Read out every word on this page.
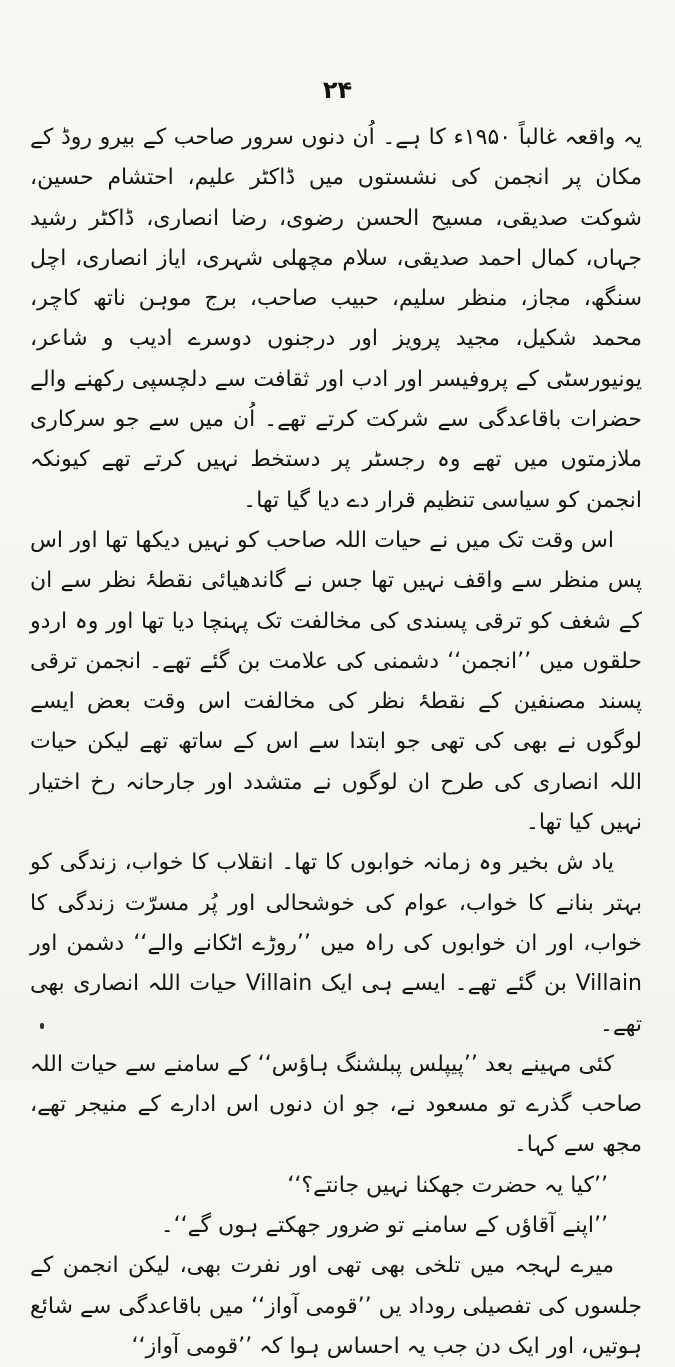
۲۴

یہ واقعہ غالباً ۱۹۵۰ء کا ہے۔ اُن دنوں سرور صاحب کے بیرو روڈ کے مکان پر انجمن کی نشستوں میں ڈاکٹر علیم، احتشام حسین، شوکت صدیقی، مسیح الحسن رضوی، رضا انصاری، ڈاکٹر رشید جہاں، کمال احمد صدیقی، سلام مچھلی شہری، ایاز انصاری، اچل سنگھ، مجاز، منظر سلیم، حبیب صاحب، برج موہن ناتھ کاچر، محمد شکیل، مجید پرویز اور درجنوں دوسرے ادیب و شاعر، یونیورسٹی کے پروفیسر اور ادب اور ثقافت سے دلچسپی رکھنے والے حضرات باقاعدگی سے شرکت کرتے تھے۔ اُن میں سے جو سرکاری ملازمتوں میں تھے وہ رجسٹر پر دستخط نہیں کرتے تھے کیونکہ انجمن کو سیاسی تنظیم قرار دے دیا گیا تھا۔

اس وقت تک میں نے حیات اللہ صاحب کو نہیں دیکھا تھا اور اس پس منظر سے واقف نہیں تھا جس نے گاندھیائی نقطۂ نظر سے ان کے شغف کو ترقی پسندی کی مخالفت تک پہنچا دیا تھا اور وہ اردو حلقوں میں ’’انجمن‘‘ دشمنی کی علامت بن گئے تھے۔ انجمن ترقی پسند مصنفین کے نقطۂ نظر کی مخالفت اس وقت بعض ایسے لوگوں نے بھی کی تھی جو ابتدا سے اس کے ساتھ تھے لیکن حیات اللہ انصاری کی طرح ان لوگوں نے متشدد اور جارحانہ رخ اختیار نہیں کیا تھا۔

یاد ش بخیر وہ زمانہ خوابوں کا تھا۔ انقلاب کا خواب، زندگی کو بہتر بنانے کا خواب، عوام کی خوشحالی اور پُر مسرّت زندگی کا خواب، اور ان خوابوں کی راہ میں ’’روڑے اٹکانے والے‘‘ دشمن اور Villain بن گئے تھے۔ ایسے ہی ایک Villain حیات اللہ انصاری بھی تھے۔

کئی مہینے بعد ’’پیپلس پبلشنگ ہاؤس‘‘ کے سامنے سے حیات اللہ صاحب گذرے تو مسعود نے، جو ان دنوں اس ادارے کے منیجر تھے، مجھ سے کہا۔

’’کیا یہ حضرت جھکنا نہیں جانتے؟‘‘

’’اپنے آقاؤں کے سامنے تو ضرور جھکتے ہوں گے‘‘۔

میرے لہجہ میں تلخی بھی تھی اور نفرت بھی، لیکن انجمن کے جلسوں کی تفصیلی روداد یں ’’قومی آواز‘‘ میں باقاعدگی سے شائع ہوتیں، اور ایک دن جب یہ احساس ہوا کہ ’’قومی آواز‘‘
